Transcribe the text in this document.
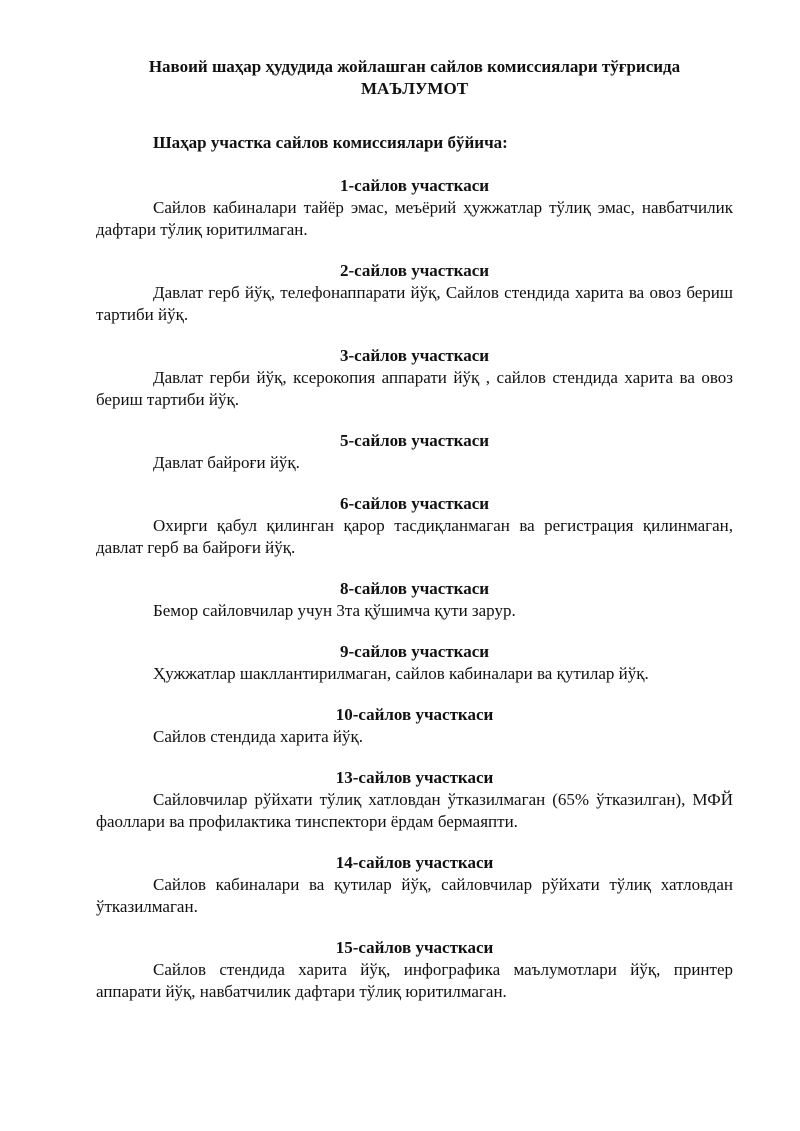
Навоий шаҳар ҳудудида жойлашган сайлов комиссиялари тўғрисида
МАЪЛУМОТ

Шаҳар участка сайлов комиссиялари бўйича:

1-сайлов участкаси

Сайлов кабиналари тайёр эмас, меъёрий ҳужжатлар тўлиқ эмас, навбатчилик дафтари тўлиқ юритилмаган.

2-сайлов участкаси

Давлат герб йўқ, телефонаппарати йўқ, Сайлов стендида харита ва овоз бериш тартиби йўқ.

3-сайлов участкаси

Давлат герби йўқ, ксерокопия аппарати йўқ , сайлов стендида харита ва овоз бериш тартиби йўқ.

5-сайлов участкаси

Давлат байроғи йўқ.

6-сайлов участкаси

Охирги қабул қилинган қарор тасдиқланмаган ва регистрация қилинмаган, давлат герб ва байроғи йўқ.

8-сайлов участкаси

Бемор сайловчилар учун 3та қўшимча қути зарур.

9-сайлов участкаси

Ҳужжатлар шакллантирилмаган, сайлов кабиналари ва қутилар йўқ.

10-сайлов участкаси

Сайлов стендида харита йўқ.

13-сайлов участкаси

Сайловчилар рўйхати тўлиқ хатловдан ўтказилмаган (65% ўтказилган), МФЙ фаоллари ва профилактика тинспектори ёрдам бермаяпти.

14-сайлов участкаси

Сайлов кабиналари ва қутилар йўқ, сайловчилар рўйхати тўлиқ хатловдан ўтказилмаган.

15-сайлов участкаси

Сайлов стендида харита йўқ, инфографика маълумотлари йўқ, принтер аппарати йўқ, навбатчилик дафтари тўлиқ юритилмаган.
